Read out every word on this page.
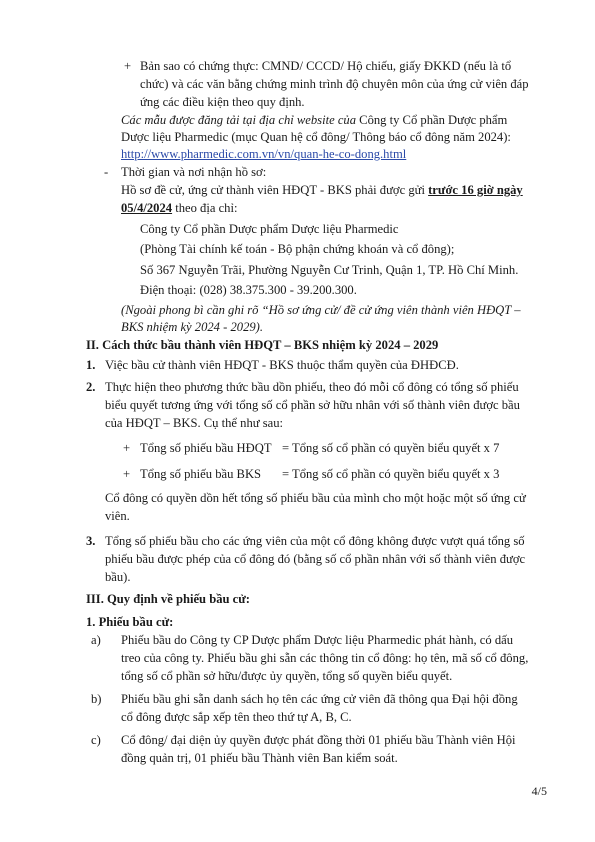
+ Bản sao có chứng thực: CMND/ CCCD/ Hộ chiếu, giấy ĐKKD (nếu là tổ
chức) và các văn bằng chứng minh trình độ chuyên môn của ứng cử viên đáp
ứng các điều kiện theo quy định.
Các mẫu được đăng tải tại địa chỉ website của Công ty Cổ phần Dược phẩm
Dược liệu Pharmedic (mục Quan hệ cổ đông/ Thông báo cổ đông năm 2024):
http://www.pharmedic.com.vn/vn/quan-he-co-dong.html
- Thời gian và nơi nhận hồ sơ:
Hồ sơ đề cử, ứng cử thành viên HĐQT - BKS phải được gửi trước 16 giờ ngày
05/4/2024 theo địa chỉ:
Công ty Cổ phần Dược phẩm Dược liệu Pharmedic
(Phòng Tài chính kế toán - Bộ phận chứng khoán và cổ đông);
Số 367 Nguyễn Trãi, Phường Nguyễn Cư Trinh, Quận 1, TP. Hồ Chí Minh.
Điện thoại: (028) 38.375.300 - 39.200.300.
(Ngoài phong bì cần ghi rõ “Hồ sơ ứng cử/ đề cử ứng viên thành viên HĐQT –
BKS nhiệm kỳ 2024 - 2029).
II. Cách thức bầu thành viên HĐQT – BKS nhiệm kỳ 2024 – 2029
1. Việc bầu cử thành viên HĐQT - BKS thuộc thẩm quyền của ĐHĐCĐ.
2. Thực hiện theo phương thức bầu dồn phiếu, theo đó mỗi cổ đông có tổng số phiếu
biểu quyết tương ứng với tổng số cổ phần sở hữu nhân với số thành viên được bầu
của HĐQT – BKS. Cụ thể như sau:
+ Tổng số phiếu bầu HĐQT = Tổng số cổ phần có quyền biểu quyết x 7
+ Tổng số phiếu bầu BKS = Tổng số cổ phần có quyền biểu quyết x 3
Cổ đông có quyền dồn hết tổng số phiếu bầu của mình cho một hoặc một số ứng cử
viên.
3. Tổng số phiếu bầu cho các ứng viên của một cổ đông không được vượt quá tổng số
phiếu bầu được phép của cổ đông đó (bằng số cổ phần nhân với số thành viên được
bầu).
III. Quy định về phiếu bầu cử:
1. Phiếu bầu cử:
a) Phiếu bầu do Công ty CP Dược phẩm Dược liệu Pharmedic phát hành, có dấu
treo của công ty. Phiếu bầu ghi sẵn các thông tin cổ đông: họ tên, mã số cổ đông,
tổng số cổ phần sở hữu/được ủy quyền, tổng số quyền biểu quyết.
b) Phiếu bầu ghi sẵn danh sách họ tên các ứng cử viên đã thông qua Đại hội đồng
cổ đông được sắp xếp tên theo thứ tự A, B, C.
c) Cổ đông/ đại diện ủy quyền được phát đồng thời 01 phiếu bầu Thành viên Hội
đồng quản trị, 01 phiếu bầu Thành viên Ban kiểm soát.
4/5
